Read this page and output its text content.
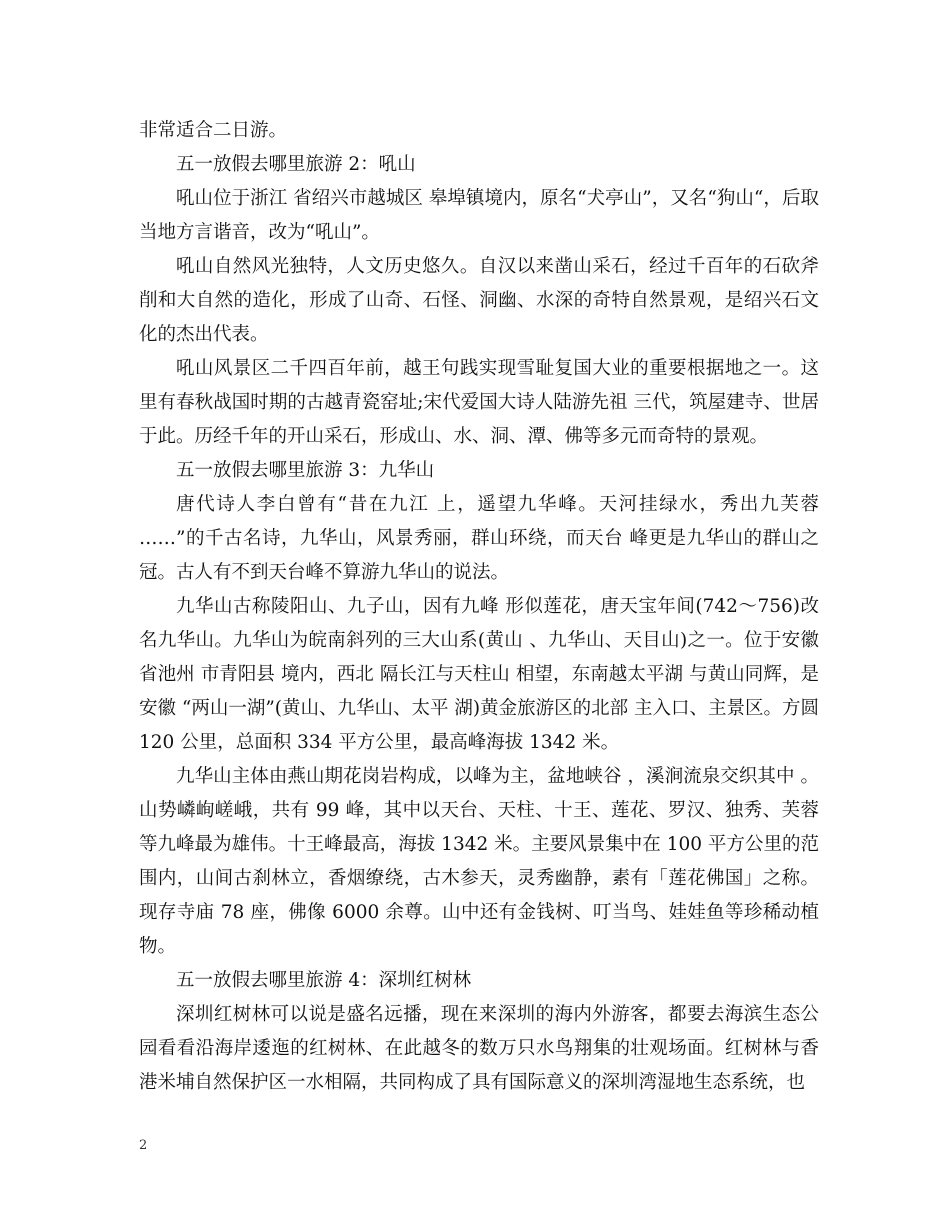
非常适合二日游。

五一放假去哪里旅游 2：吼山

吼山位于浙江 省绍兴市越城区 皋埠镇境内，原名“犬亭山”，又名“狗山“，后取当地方言谐音，改为“吼山”。

吼山自然风光独特，人文历史悠久。自汉以来凿山采石，经过千百年的石砍斧削和大自然的造化，形成了山奇、石怪、洞幽、水深的奇特自然景观，是绍兴石文化的杰出代表。

吼山风景区二千四百年前，越王句践实现雪耻复国大业的重要根据地之一。这里有春秋战国时期的古越青瓷窑址;宋代爱国大诗人陆游先祖 三代，筑屋建寺、世居于此。历经千年的开山采石，形成山、水、洞、潭、佛等多元而奇特的景观。

五一放假去哪里旅游 3：九华山

唐代诗人李白曾有“昔在九江 上，遥望九华峰。天河挂绿水，秀出九芙蓉 ……”的千古名诗，九华山，风景秀丽，群山环绕，而天台 峰更是九华山的群山之冠。古人有不到天台峰不算游九华山的说法。

九华山古称陵阳山、九子山，因有九峰 形似莲花，唐天宝年间(742～756)改名九华山。九华山为皖南斜列的三大山系(黄山 、九华山、天目山)之一。位于安徽 省池州 市青阳县 境内，西北 隔长江与天柱山 相望，东南越太平湖 与黄山同辉，是安徽 “两山一湖”(黄山、九华山、太平 湖)黄金旅游区的北部 主入口、主景区。方圆 120 公里，总面积 334 平方公里，最高峰海拔 1342 米。

九华山主体由燕山期花岗岩构成，以峰为主，盆地峡谷 ，溪涧流泉交织其中 。山势嶙峋嵯峨，共有 99 峰，其中以天台、天柱、十王、莲花、罗汉、独秀、芙蓉等九峰最为雄伟。十王峰最高，海拔 1342 米。主要风景集中在 100 平方公里的范围内，山间古刹林立，香烟缭绕，古木参天，灵秀幽静，素有「莲花佛国」之称。现存寺庙 78 座，佛像 6000 余尊。山中还有金钱树、叮当鸟、娃娃鱼等珍稀动植物。

五一放假去哪里旅游 4：深圳红树林

深圳红树林可以说是盛名远播，现在来深圳的海内外游客，都要去海滨生态公园看看沿海岸逶迤的红树林、在此越冬的数万只水鸟翔集的壮观场面。红树林与香港米埔自然保护区一水相隔，共同构成了具有国际意义的深圳湾湿地生态系统，也

2
